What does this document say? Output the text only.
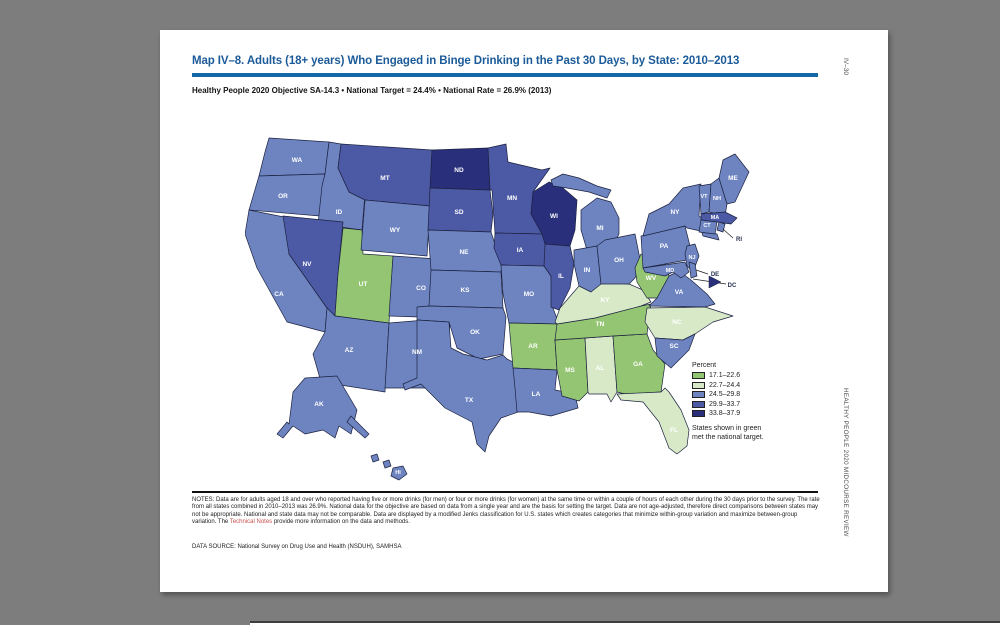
Map IV–8. Adults (18+ years) Who Engaged in Binge Drinking in the Past 30 Days, by State: 2010–2013
Healthy People 2020 Objective SA-14.3 • National Target = 24.4% • National Rate = 26.9% (2013)
WA
OR
CA
NV
ID
UT
AZ
MT
WY
CO
NM
ND
SD
NE
KS
OK
TX
MN
IA
MO
AR
LA
WI
IL
MS
MI
IN
OH
KY
TN
AL
GA
WV
VA
NC
SC
FL
PA
NY
NJ
MD
VT NH
MA
CT
ME
AK
HI
RI
DE
DC
Percent
17.1–22.6
22.7–24.4
24.5–29.8
29.9–33.7
33.8–37.9
States shown in green
met the national target.
NOTES: Data are for adults aged 18 and over who reported having five or more drinks (for men) or four or more drinks (for women) at the same time or within a couple of hours of each other during the 30 days prior to the survey. The rate from all states combined in 2010–2013 was 26.9%. National data for the objective are based on data from a single year and are the basis for setting the target. Data are not age-adjusted, therefore direct comparisons between states may not be appropriate. National and state data may not be comparable. Data are displayed by a modified Jenks classification for U.S. states which creates categories that minimize within-group variation and maximize between-group variation. The Technical Notes provide more information on the data and methods.
DATA SOURCE: National Survey on Drug Use and Health (NSDUH), SAMHSA
IV–30
HEALTHY PEOPLE 2020 MIDCOURSE REVIEW
